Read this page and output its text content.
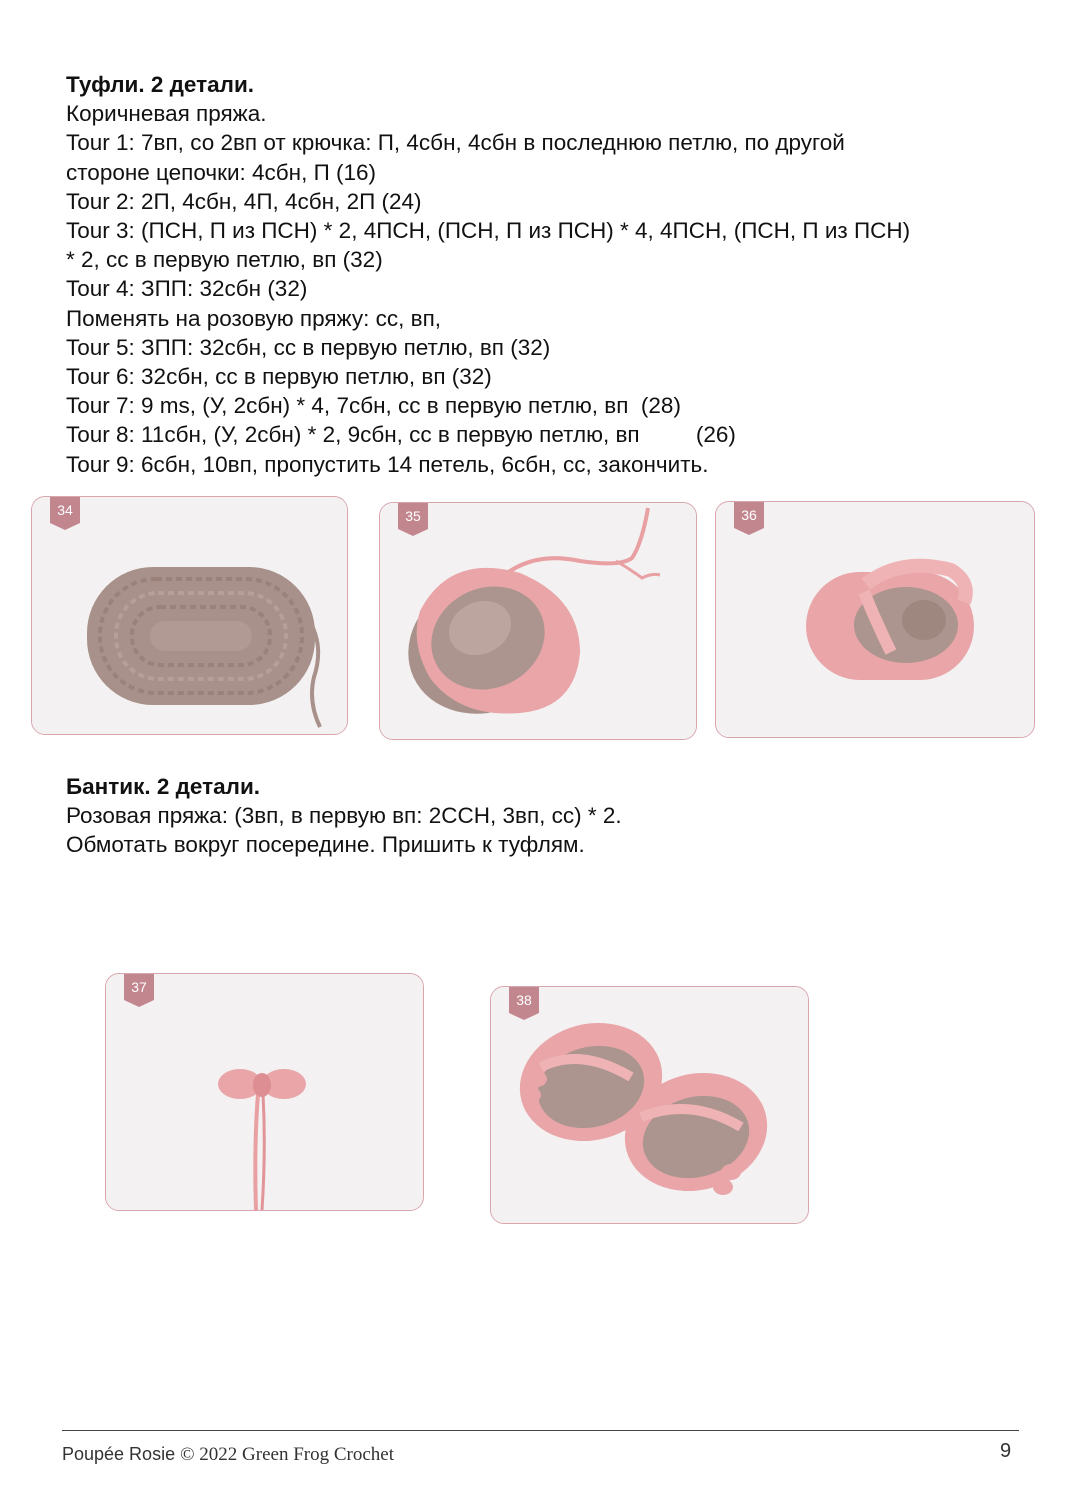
Туфли. 2 детали.
Коричневая пряжа.
Tour 1: 7вп, со 2вп от крючка: П, 4сбн, 4сбн в последнюю петлю, по другой
стороне цепочки: 4сбн, П (16)
Tour 2: 2П, 4сбн, 4П, 4сбн, 2П (24)
Tour 3: (ПСН, П из ПСН) * 2, 4ПСН, (ПСН, П из ПСН) * 4, 4ПСН, (ПСН, П из ПСН)
* 2, сс в первую петлю, вп (32)
Tour 4: ЗПП: 32сбн (32)
Поменять на розовую пряжу: сс, вп,
Tour 5: ЗПП: 32сбн, сс в первую петлю, вп (32)
Tour 6: 32сбн, сс в первую петлю, вп (32)
Tour 7: 9 ms, (У, 2сбн) * 4, 7сбн, сс в первую петлю, вп  (28)
Tour 8: 11сбн, (У, 2сбн) * 2, 9сбн, сс в первую петлю, вп         (26)
Tour 9: 6сбн, 10вп, пропустить 14 петель, 6сбн, сс, закончить.
34	35	36
Бантик. 2 детали.
Розовая пряжа: (3вп, в первую вп: 2ССН, 3вп, сс) * 2.
Обмотать вокруг посередине. Пришить к туфлям.
37
38
Poupée Rosie © 2022 Green Frog Crochet	9
